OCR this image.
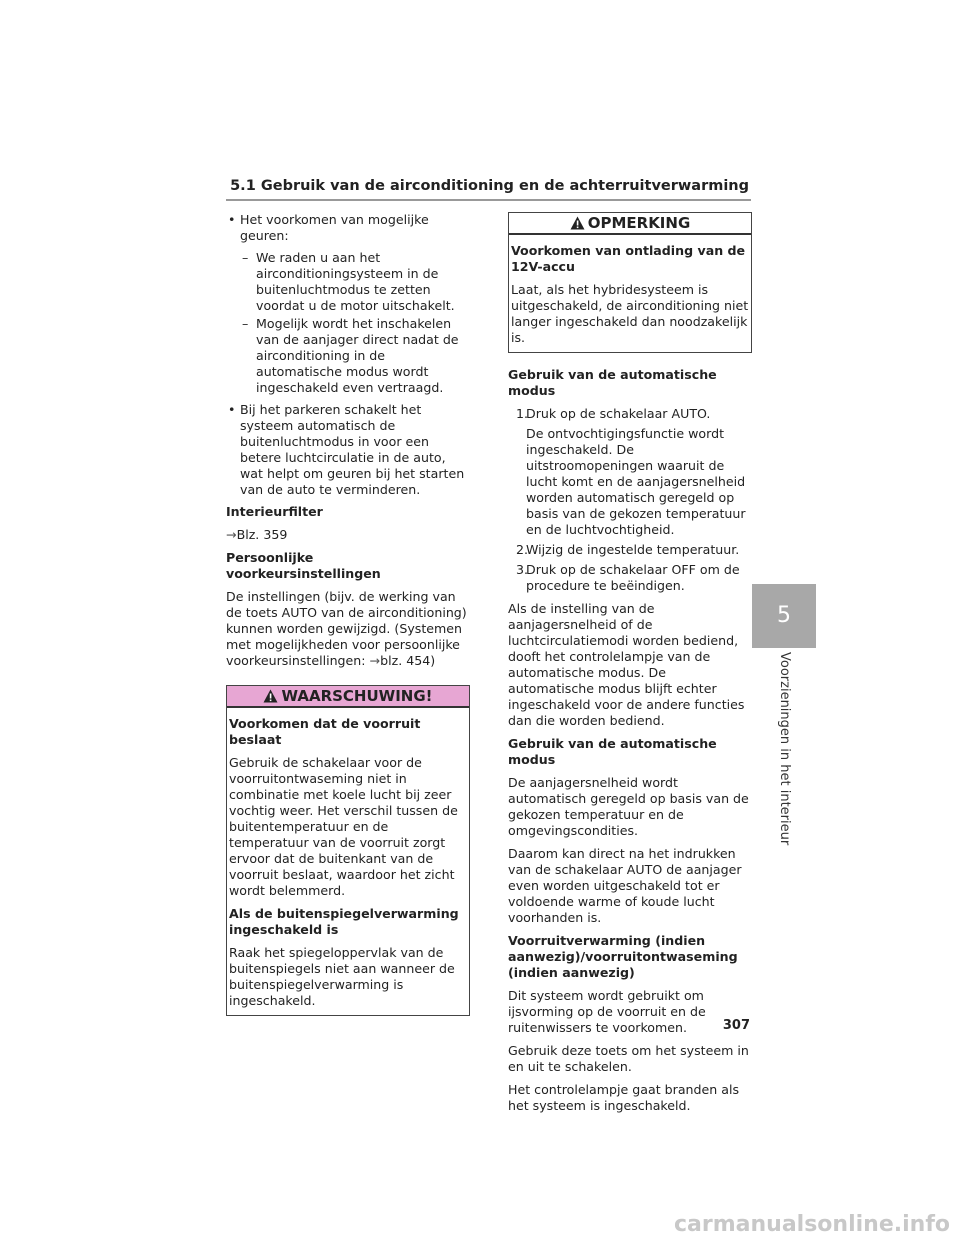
5.1 Gebruik van de airconditioning en de achterruitverwarming
• Het voorkomen van mogelijke geuren:
– We raden u aan het airconditioningsysteem in de buitenluchtmodus te zetten voordat u de motor uitschakelt.
– Mogelijk wordt het inschakelen van de aanjager direct nadat de airconditioning in de automatische modus wordt ingeschakeld even vertraagd.
• Bij het parkeren schakelt het systeem automatisch de buitenluchtmodus in voor een betere luchtcirculatie in de auto, wat helpt om geuren bij het starten van de auto te verminderen.

Interieurfilter

→Blz. 359

Persoonlijke voorkeursinstellingen

De instellingen (bijv. de werking van de toets AUTO van de airconditioning) kunnen worden gewijzigd. (Systemen met mogelijkheden voor persoonlijke voorkeursinstellingen: →blz. 454)

WAARSCHUWING!

Voorkomen dat de voorruit beslaat

Gebruik de schakelaar voor de voorruitontwaseming niet in combinatie met koele lucht bij zeer vochtig weer. Het verschil tussen de buitentemperatuur en de temperatuur van de voorruit zorgt ervoor dat de buitenkant van de voorruit beslaat, waardoor het zicht wordt belemmerd.

Als de buitenspiegelverwarming ingeschakeld is

Raak het spiegeloppervlak van de buitenspiegels niet aan wanneer de buitenspiegelverwarming is ingeschakeld.

OPMERKING

Voorkomen van ontlading van de 12V-accu

Laat, als het hybridesysteem is uitgeschakeld, de airconditioning niet langer ingeschakeld dan noodzakelijk is.

Gebruik van de automatische modus

1.
Druk op de schakelaar AUTO.
De ontvochtigingsfunctie wordt ingeschakeld. De uitstroomopeningen waaruit de lucht komt en de aanjagersnelheid worden automatisch geregeld op basis van de gekozen temperatuur en de luchtvochtigheid.
2.
Wijzig de ingestelde temperatuur.
3.
Druk op de schakelaar OFF om de procedure te beëindigen.

Als de instelling van de aanjagersnelheid of de luchtcirculatiemodi worden bediend, dooft het controlelampje van de automatische modus. De automatische modus blijft echter ingeschakeld voor de andere functies dan die worden bediend.

Gebruik van de automatische modus

De aanjagersnelheid wordt automatisch geregeld op basis van de gekozen temperatuur en de omgevingscondities.

Daarom kan direct na het indrukken van de schakelaar AUTO de aanjager even worden uitgeschakeld tot er voldoende warme of koude lucht voorhanden is.

Voorruitverwarming (indien aanwezig)/voorruitontwaseming (indien aanwezig)

Dit systeem wordt gebruikt om ijsvorming op de voorruit en de ruitenwissers te voorkomen.

Gebruik deze toets om het systeem in en uit te schakelen.

Het controlelampje gaat branden als het systeem is ingeschakeld.

5
Voorzieningen in het interieur
307
carmanualsonline.info
